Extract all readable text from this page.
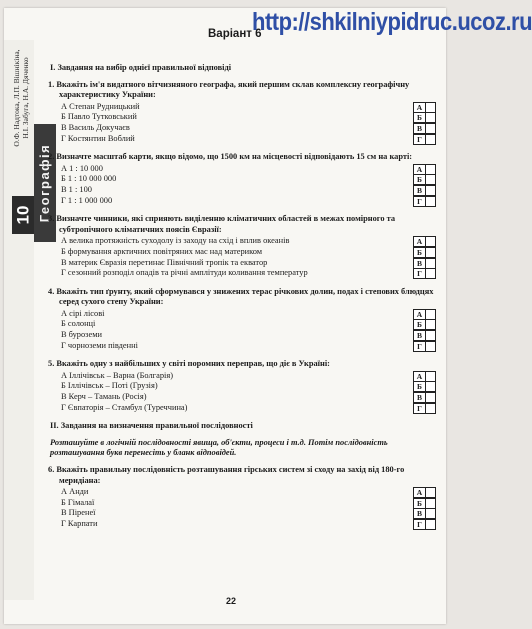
О.Ф. Надтока, Л.П. Вішнікіна, Н.І. Забуга, Н.А. Дяченко
10 Географія
http://shkilniypidruc.ucoz.ru
Варіант 6
I. Завдання на вибір однієї правильної відповіді
1. Вкажіть ім'я видатного вітчизняного географа, який першим склав комплексну географічну характеристику України:
А Степан Рудницький
Б Павло Тутковський
В Василь Докучаєв
Г Костянтин Воблий
А
Б
В
Г
2. Визначте масштаб карти, якщо відомо, що 1500 км на місцевості відповідають 15 см на карті:
А 1 : 10 000
Б 1 : 10 000 000
В 1 : 100
Г 1 : 1 000 000
А
Б
В
Г
3. Визначте чинники, які сприяють виділенню кліматичних областей в межах помірного та субтропічного кліматичних поясів Євразії:
А велика протяжність суходолу із заходу на схід і вплив океанів
Б формування арктичних повітряних мас над материком
В материк Євразія перетинає Північний тропік та екватор
Г сезонний розподіл опадів та річні амплітуди коливання температур
А
Б
В
Г
4. Вкажіть тип ґрунту, який сформувався у знижених терас річкових долин, подах і степових блюдцях серед сухого степу України:
А сірі лісові
Б солонці
В буроземи
Г чорноземи південні
А
Б
В
Г
5. Вкажіть одну з найбільших у світі поромних переправ, що діє в Україні:
А Іллічівськ – Варна (Болгарія)
Б Іллічівськ – Поті (Грузія)
В Керч – Тамань (Росія)
Г Євпаторія – Стамбул (Туреччина)
А
Б
В
Г
II. Завдання на визначення правильної послідовності
Розташуйте в логічній послідовності явища, об'єкти, процеси і т.д. Потім послідовність розташування букв перенесіть у бланк відповідей.
6. Вкажіть правильну послідовність розташування гірських систем зі сходу на захід від 180-го меридіана:
А Анди
Б Гімалаї
В Піренеї
Г Карпати
А
Б
В
Г
22
